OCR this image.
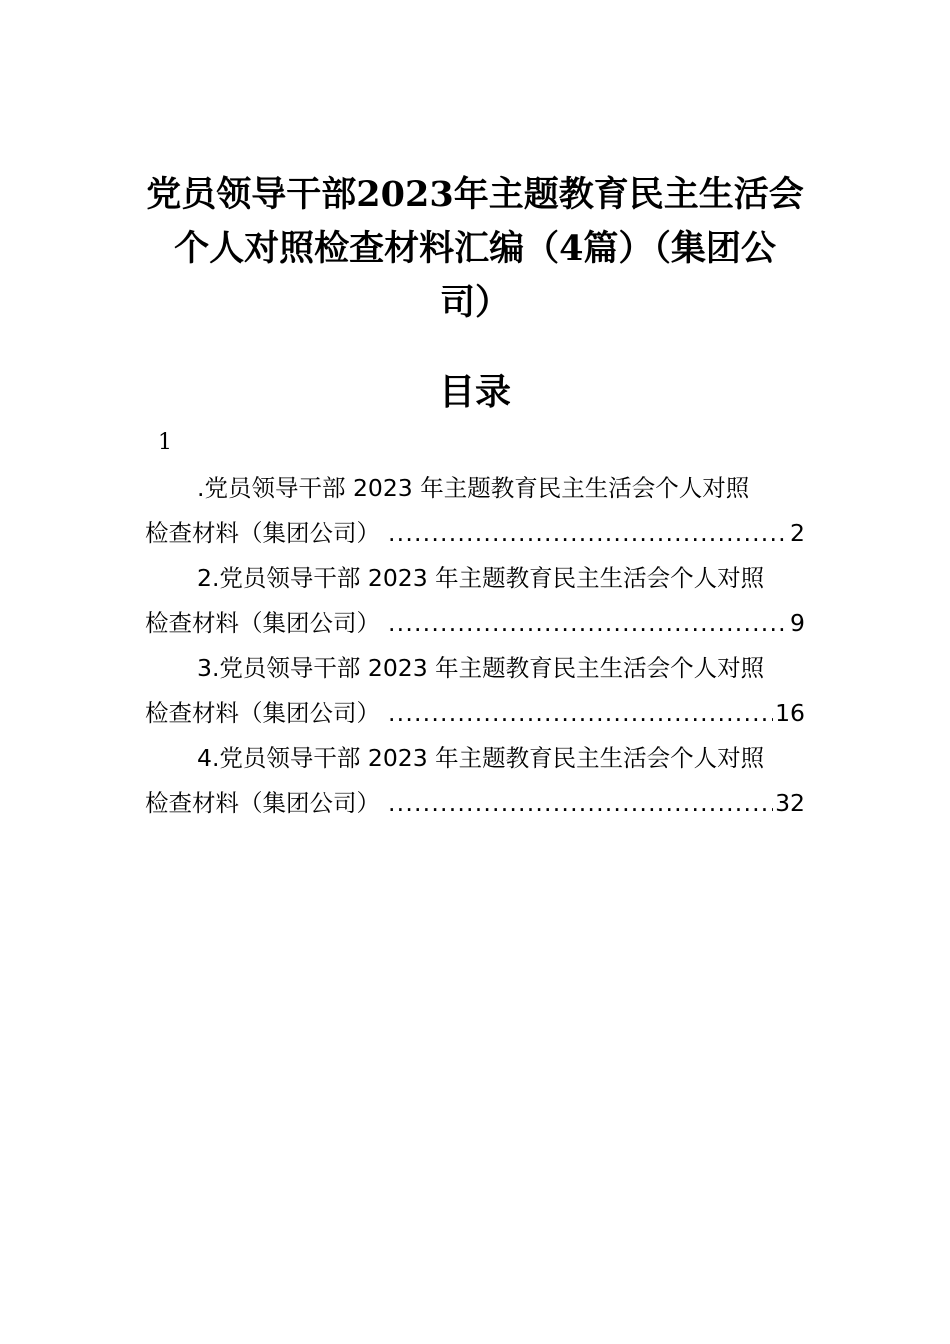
党员领导干部2023年主题教育民主生活会
个人对照检查材料汇编（4篇）（集团公
司）
目录
1
.党员领导干部 2023 年主题教育民主生活会个人对照
检查材料（集团公司） .....	2
2.党员领导干部 2023 年主题教育民主生活会个人对照
检查材料（集团公司） .....	9
3.党员领导干部 2023 年主题教育民主生活会个人对照
检查材料（集团公司） .....	16
4.党员领导干部 2023 年主题教育民主生活会个人对照
检查材料（集团公司） .....	32
